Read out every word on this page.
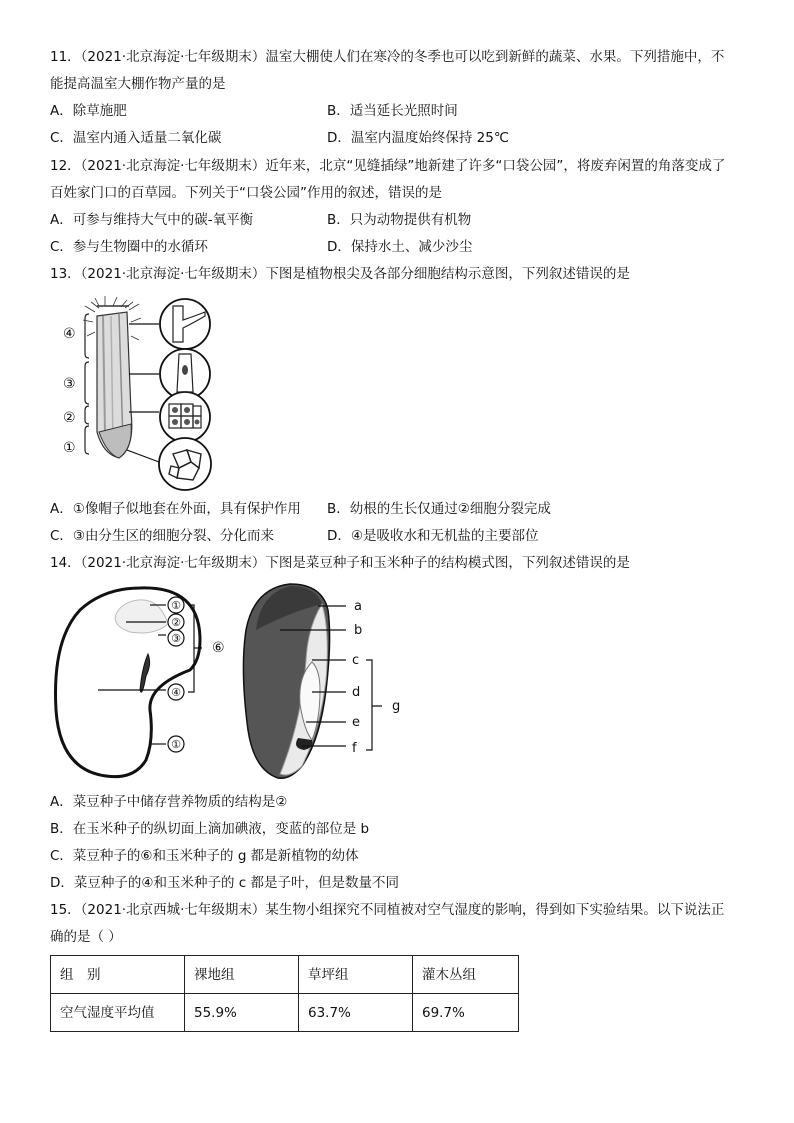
11．（2021·北京海淀·七年级期末）温室大棚使人们在寒冷的冬季也可以吃到新鲜的蔬菜、水果。下列措施中，不
能提高温室大棚作物产量的是
A．除草施肥	B．适当延长光照时间
C．温室内通入适量二氧化碳	D．温室内温度始终保持 25℃
12．（2021·北京海淀·七年级期末）近年来，北京“见缝插绿”地新建了许多“口袋公园”，将废弃闲置的角落变成了
百姓家门口的百草园。下列关于“口袋公园”作用的叙述，错误的是
A．可参与维持大气中的碳-氧平衡	B．只为动物提供有机物
C．参与生物圈中的水循环	D．保持水土、减少沙尘
13．（2021·北京海淀·七年级期末）下图是植物根尖及各部分细胞结构示意图，下列叙述错误的是
④
③
②
①
A．①像帽子似地套在外面，具有保护作用 B．幼根的生长仅通过②细胞分裂完成
C．③由分生区的细胞分裂、分化而来	D．④是吸收水和无机盐的主要部位
14．（2021·北京海淀·七年级期末）下图是菜豆种子和玉米种子的结构模式图，下列叙述错误的是
①
②
③
④
①
⑥
a
b
c
d
e
f
g
A．菜豆种子中储存营养物质的结构是②
B．在玉米种子的纵切面上滴加碘液，变蓝的部位是 b
C．菜豆种子的⑥和玉米种子的 g 都是新植物的幼体
D．菜豆种子的④和玉米种子的 c 都是子叶，但是数量不同
15．（2021·北京西城·七年级期末）某生物小组探究不同植被对空气湿度的影响，得到如下实验结果。以下说法正
确的是（ ）
组　别	裸地组	草坪组	灌木丛组
空气湿度平均值	55.9%	63.7%	69.7%
